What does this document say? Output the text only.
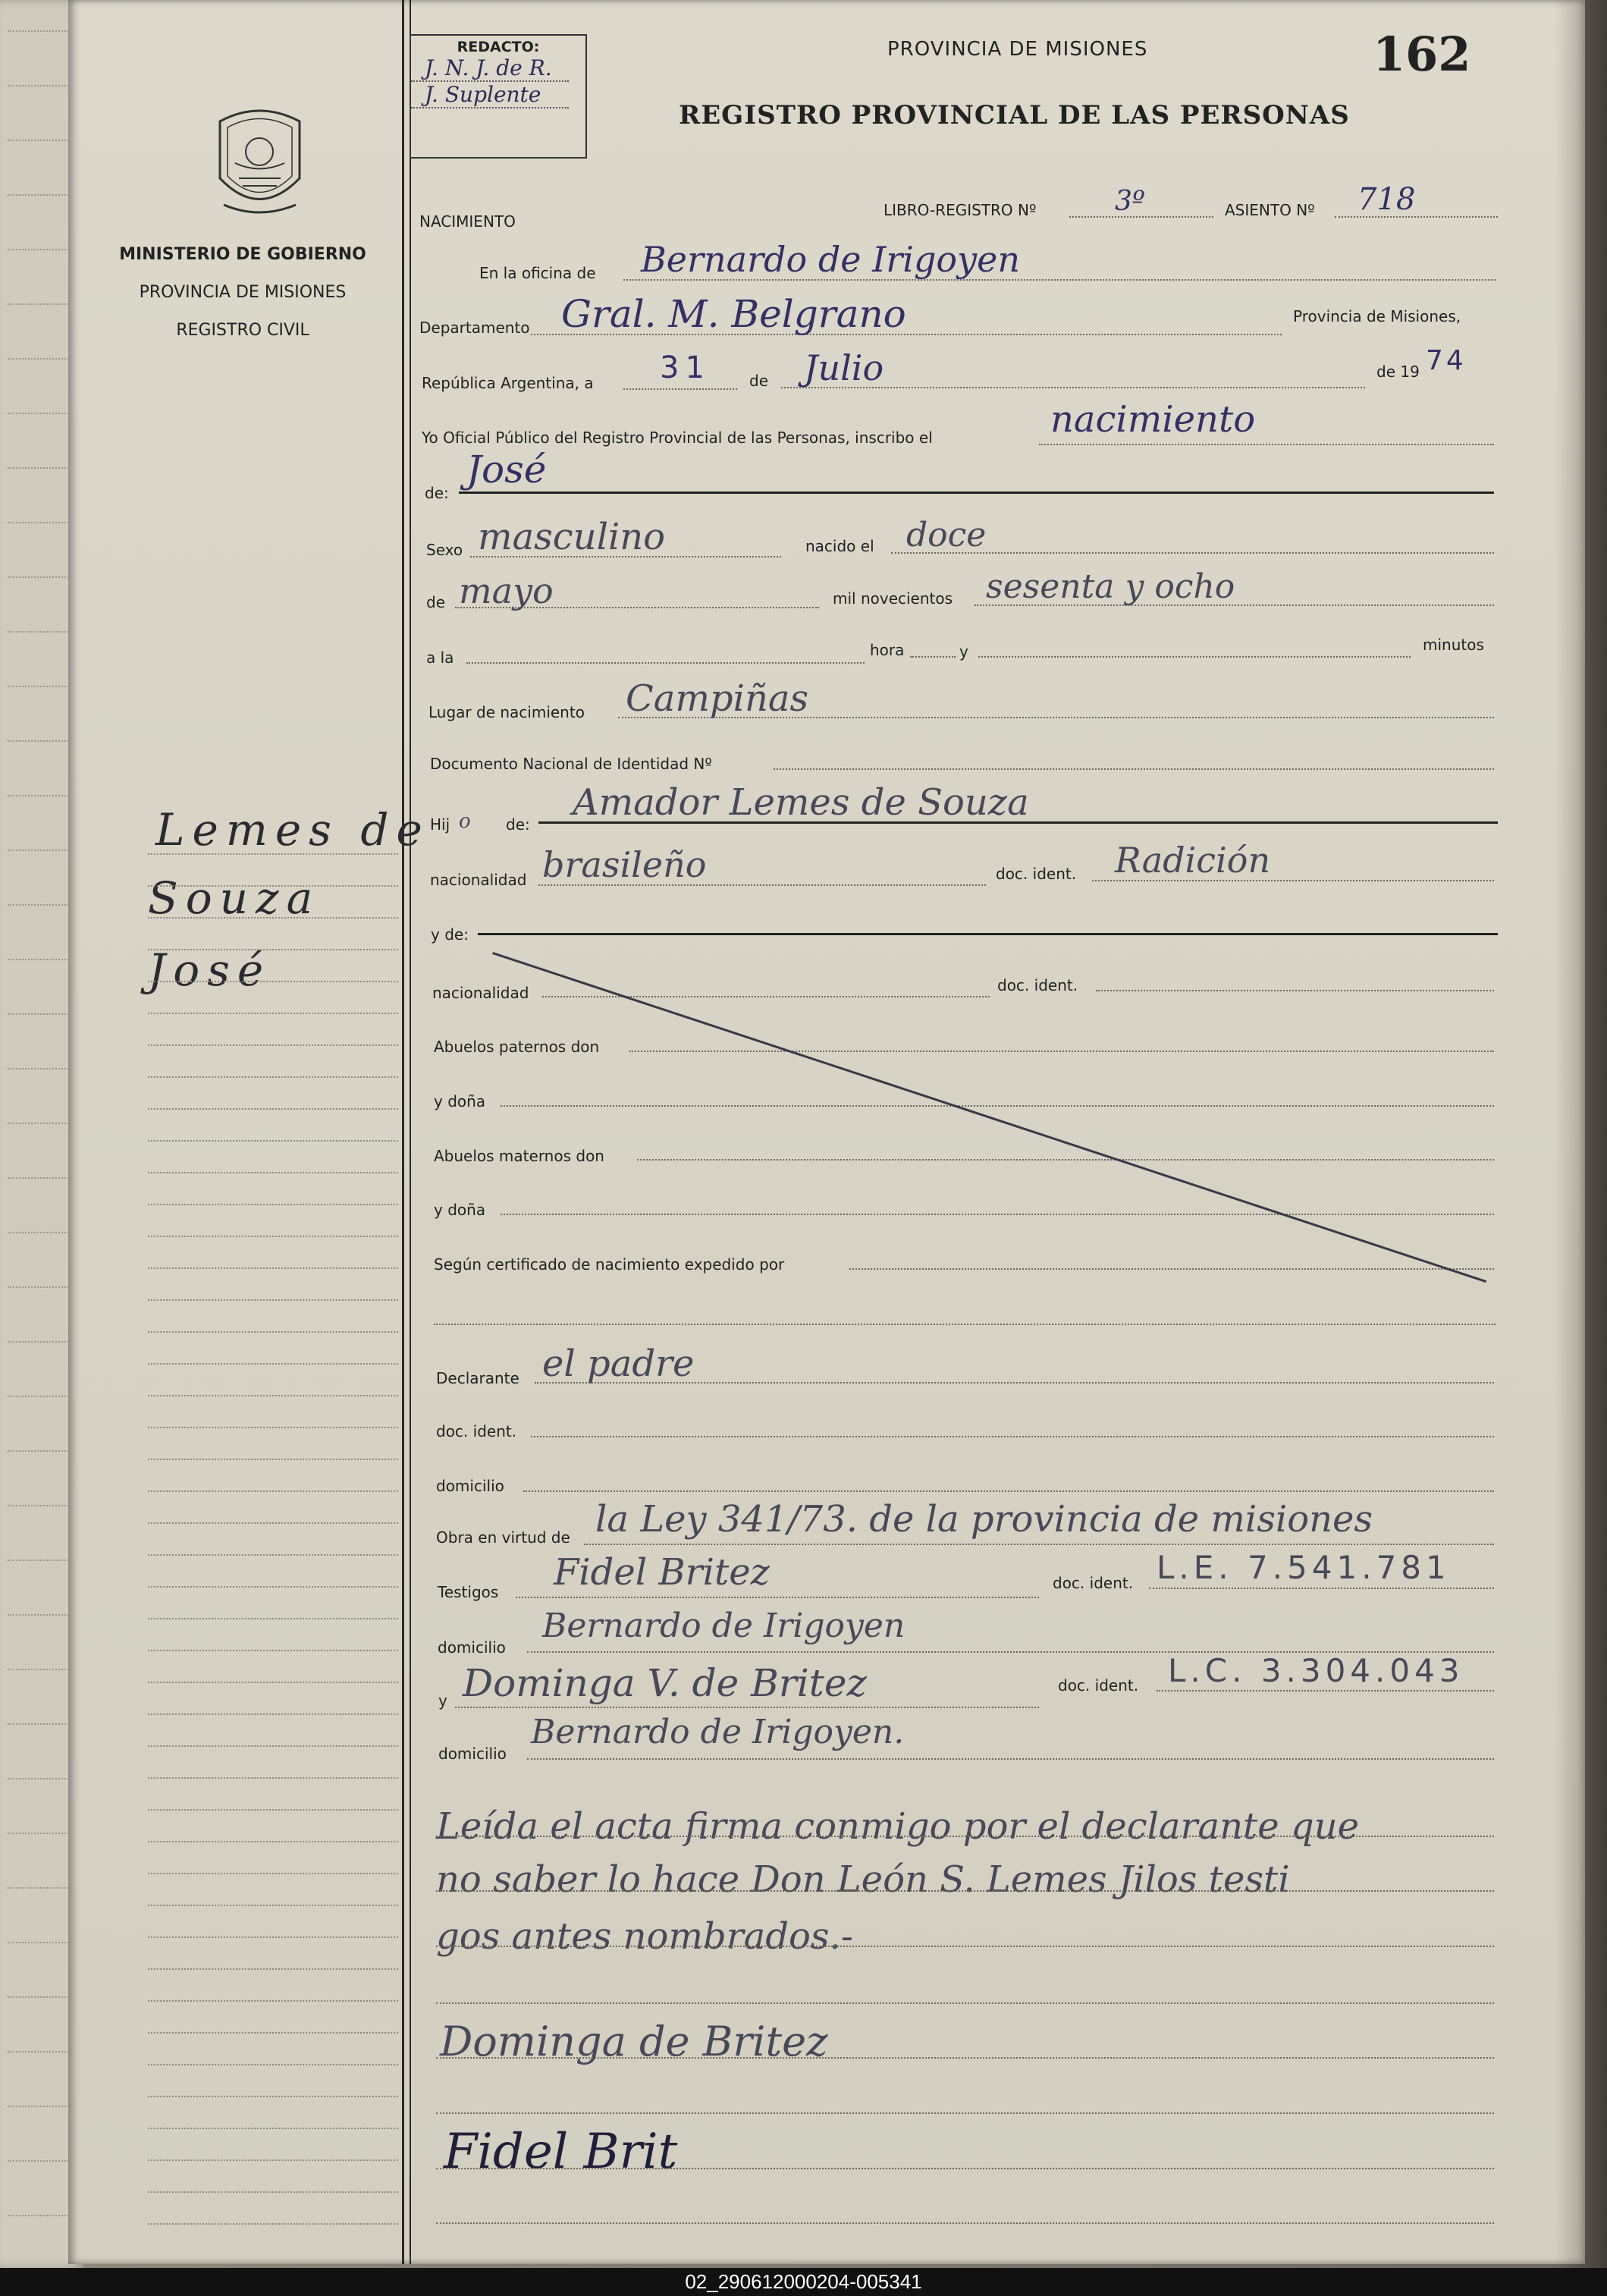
MINISTERIO DE GOBIERNO
PROVINCIA DE MISIONES
REGISTRO CIVIL
Lemes de
Souza
José
REDACTO:
J. N. J. de R.
J. Suplente
PROVINCIA DE MISIONES	162
REGISTRO PROVINCIAL DE LAS PERSONAS
NACIMIENTO
LIBRO-REGISTRO Nº	3º	ASIENTO Nº 718
En la oficina de Bernardo de Irigoyen
Departamento Gral. M. Belgrano	Provincia de Misiones,
República Argentina, a 31	de Julio	de 19 74
Yo Oficial Público del Registro Provincial de las Personas, inscribo el	nacimiento
de:
José
Sexo masculino	nacido el doce
de mayo	mil novecientos sesenta y ocho
a la	hora	y	minutos
Lugar de nacimiento Campiñas
Documento Nacional de Identidad Nº
Hij o de:
Amador Lemes de Souza
nacionalidad brasileño	doc. ident. Radición
y de:
nacionalidad	doc. ident.
Abuelos paternos don
y doña
Abuelos maternos don
y doña
Según certificado de nacimiento expedido por
Declarante el padre
doc. ident.
domicilio
Obra en virtud de la Ley 341/73. de la provincia de misiones
Testigos Fidel Britez	doc. ident. L.E. 7.541.781
domicilio
Bernardo de Irigoyen
y Dominga V. de Britez	doc. ident. L.C. 3.304.043
domicilio
Bernardo de Irigoyen.
Leída el acta firma conmigo por el declarante que
no saber lo hace Don León S. Lemes Jilos testi
gos antes nombrados.-
Dominga de Britez
Fidel Brit
02_290612000204-005341
